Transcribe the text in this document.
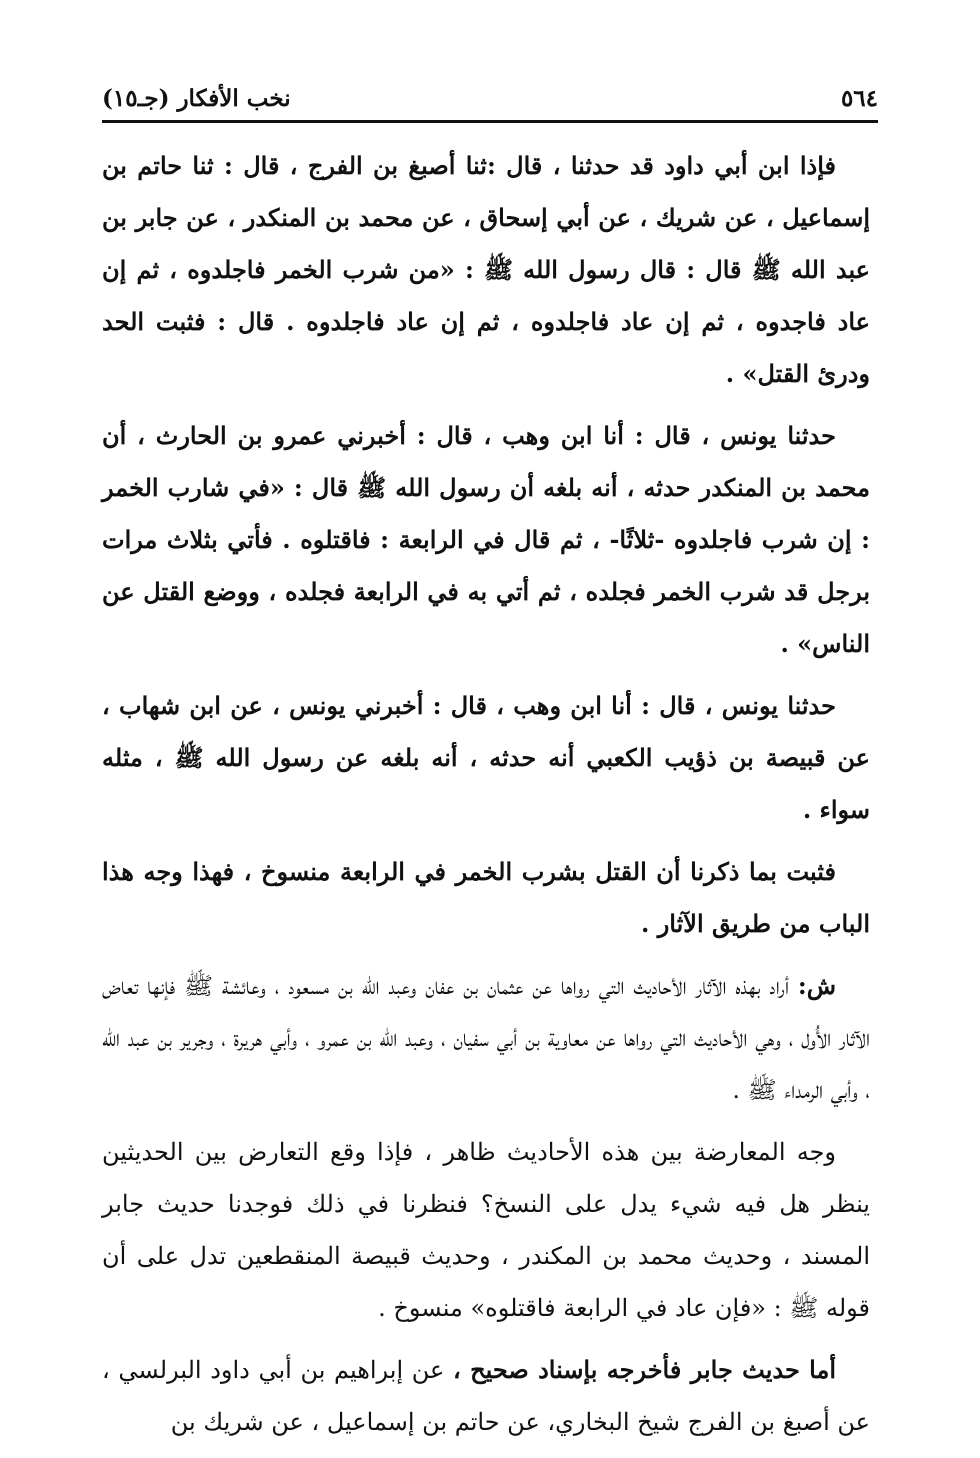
٥٦٤
نخب الأفكار (جـ١٥)

فإذا ابن أبي داود قد حدثنا ، قال :ثنا أصبغ بن الفرج ، قال : ثنا حاتم بن إسماعيل ، عن شريك ، عن أبي إسحاق ، عن محمد بن المنكدر ، عن جابر بن عبد الله ﷺ قال : قال رسول الله ﷺ : «من شرب الخمر فاجلدوه ، ثم إن عاد فاجدوه ، ثم إن عاد فاجلدوه ، ثم إن عاد فاجلدوه . قال : فثبت الحد ودرئ القتل» .

حدثنا يونس ، قال : أنا ابن وهب ، قال : أخبرني عمرو بن الحارث ، أن محمد بن المنكدر حدثه ، أنه بلغه أن رسول الله ﷺ قال : «في شارب الخمر : إن شرب فاجلدوه -ثلاثًا- ، ثم قال في الرابعة : فاقتلوه . فأتي بثلاث مرات برجل قد شرب الخمر فجلده ، ثم أتي به في الرابعة فجلده ، ووضع القتل عن الناس» .

حدثنا يونس ، قال : أنا ابن وهب ، قال : أخبرني يونس ، عن ابن شهاب ، عن قبيصة بن ذؤيب الكعبي أنه حدثه ، أنه بلغه عن رسول الله ﷺ ، مثله سواء .

فثبت بما ذكرنا أن القتل بشرب الخمر في الرابعة منسوخ ، فهذا وجه هذا الباب من طريق الآثار .

ش: أراد بهذه الآثار الأحاديث التي رواها عن عثمان بن عفان وعبد الله بن مسعود ، وعائشة ﷺ فإنها تعاض الآثار الأُول ، وهي الأحاديث التي رواها عن معاوية بن أبي سفيان ، وعبد الله بن عمرو ، وأبي هريرة ، وجرير بن عبد الله ، وأبي الرمداء ﷺ .

وجه المعارضة بين هذه الأحاديث ظاهر ، فإذا وقع التعارض بين الحديثين ينظر هل فيه شيء يدل على النسخ؟ فنظرنا في ذلك فوجدنا حديث جابر المسند ، وحديث محمد بن المكندر ، وحديث قبيصة المنقطعين تدل على أن قوله ﷺ : «فإن عاد في الرابعة فاقتلوه» منسوخ .

أما حديث جابر فأخرجه بإسناد صحيح ، عن إبراهيم بن أبي داود البرلسي ، عن أصبغ بن الفرج شيخ البخاري، عن حاتم بن إسماعيل ، عن شريك بن
